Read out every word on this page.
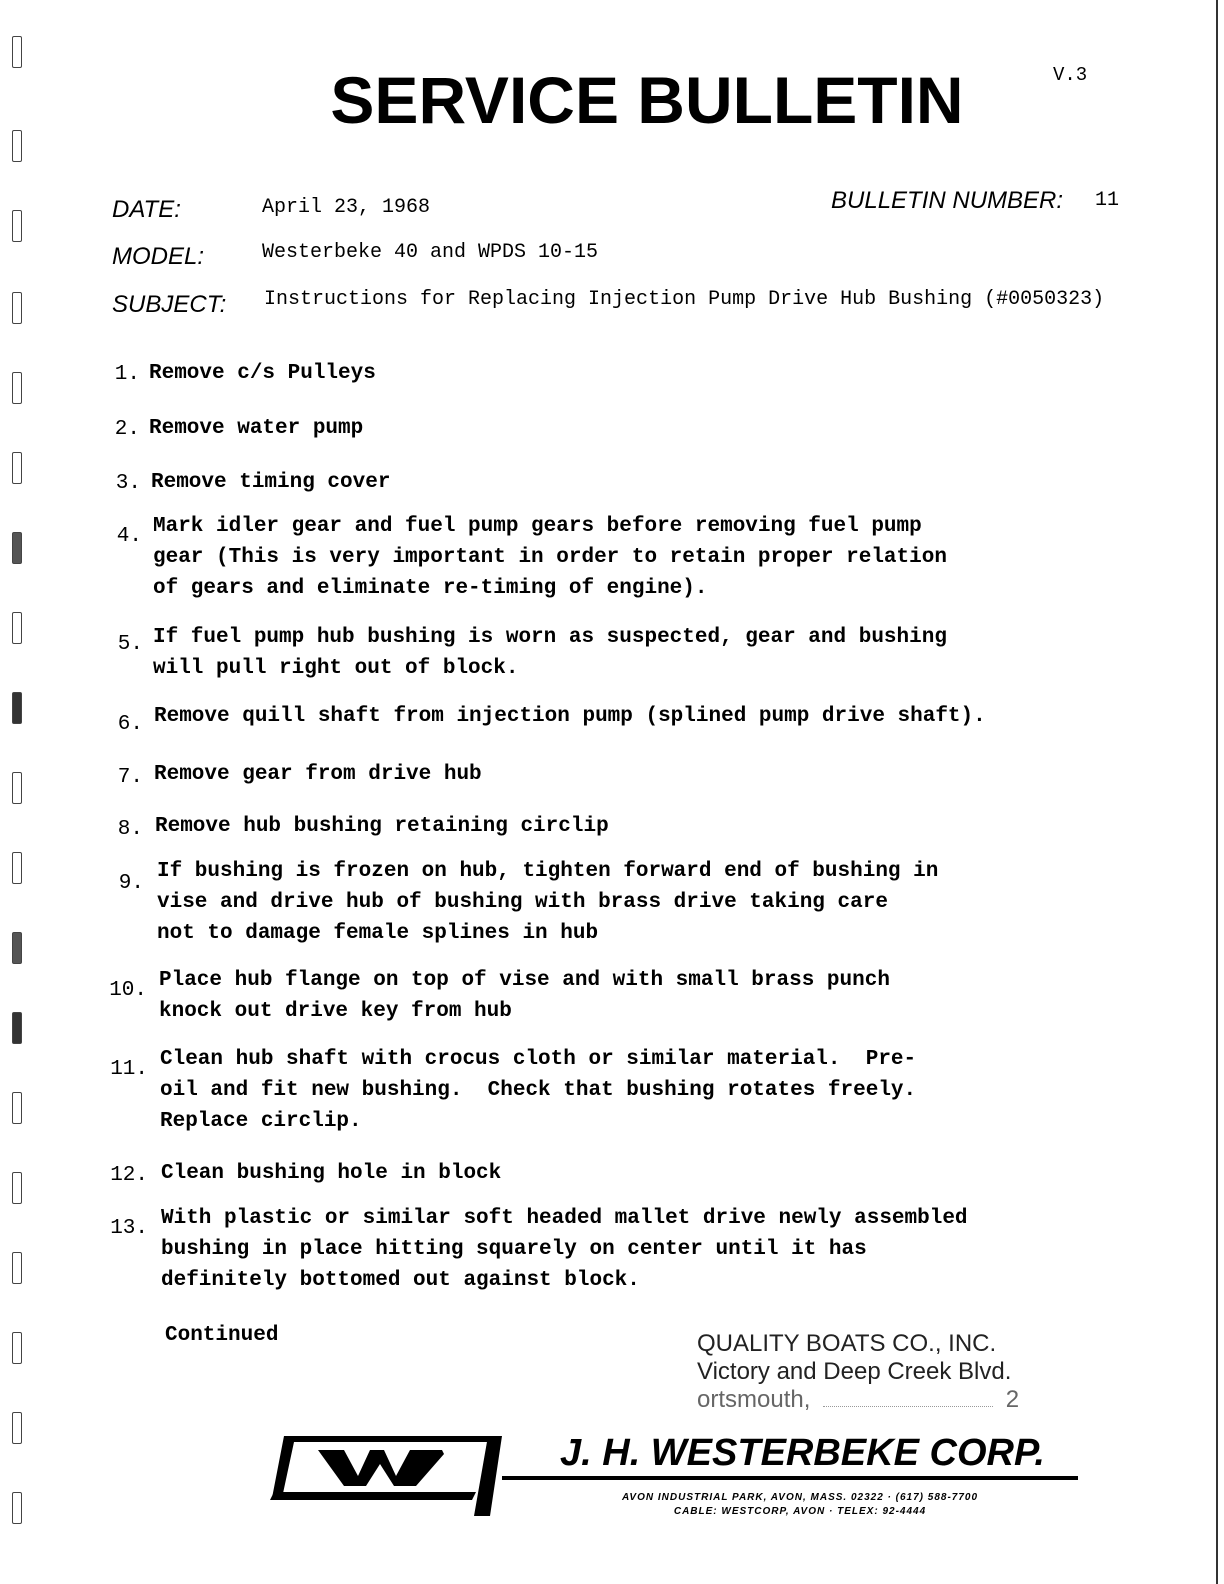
SERVICE BULLETIN	V.3
DATE:	April 23, 1968	BULLETIN NUMBER: 11
MODEL:	Westerbeke 40 and WPDS 10-15
SUBJECT: Instructions for Replacing Injection Pump Drive Hub Bushing (#0050323)
1. Remove c/s Pulleys
2. Remove water pump
3. Remove timing cover
4. Mark idler gear and fuel pump gears before removing fuel pump
gear (This is very important in order to retain proper relation
of gears and eliminate re-timing of engine).
5. If fuel pump hub bushing is worn as suspected, gear and bushing
will pull right out of block.
6. Remove quill shaft from injection pump (splined pump drive shaft).
7. Remove gear from drive hub
8. Remove hub bushing retaining circlip
9.
If bushing is frozen on hub, tighten forward end of bushing in
vise and drive hub of bushing with brass drive taking care
not to damage female splines in hub
10. Place hub flange on top of vise and with small brass punch
knock out drive key from hub
11. Clean hub shaft with crocus cloth or similar material.  Pre-
oil and fit new bushing.  Check that bushing rotates freely.
Replace circlip.
12. Clean bushing hole in block
13. With plastic or similar soft headed mallet drive newly assembled
bushing in place hitting squarely on center until it has
definitely bottomed out against block.
Continued	QUALITY BOATS CO., INC.
Victory and Deep Creek Blvd.
ortsmouth,	2
J. H. WESTERBEKE CORP.
AVON INDUSTRIAL PARK, AVON, MASS. 02322 · (617) 588-7700
CABLE: WESTCORP, AVON · TELEX: 92-4444
